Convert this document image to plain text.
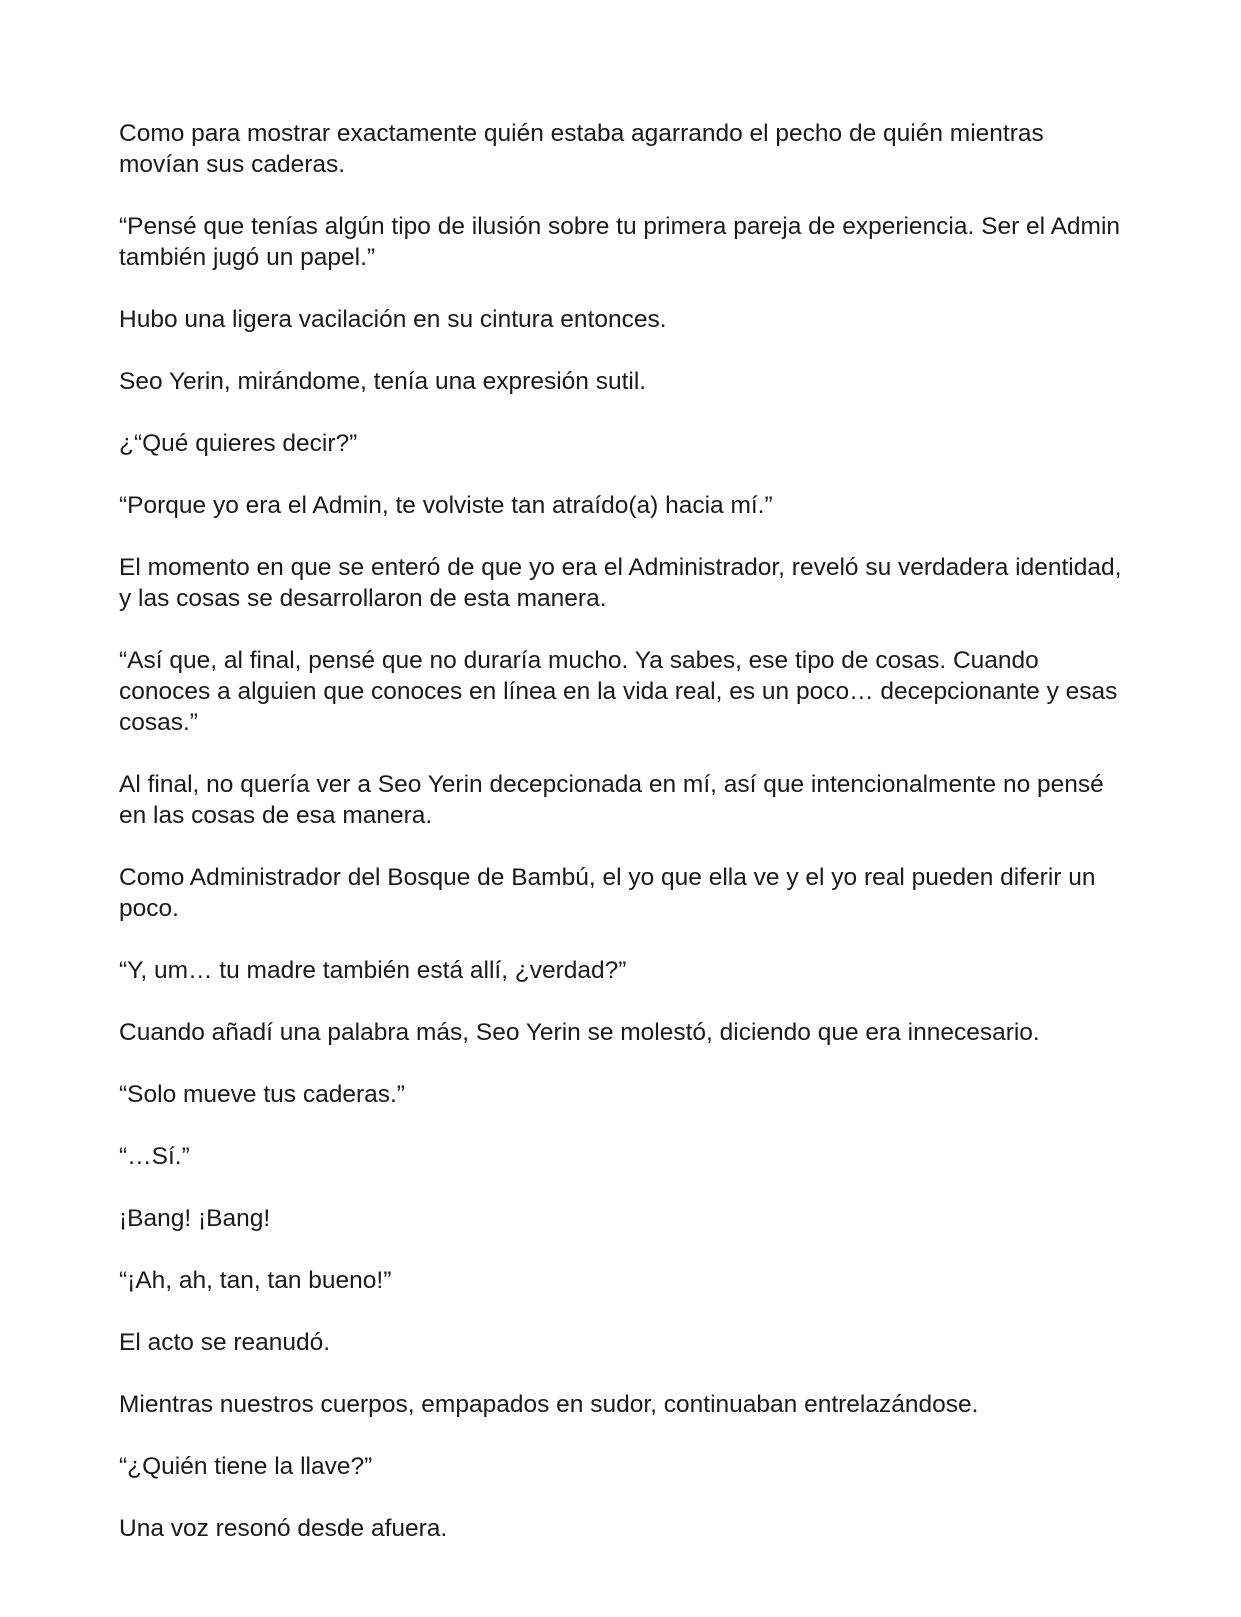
Como para mostrar exactamente quién estaba agarrando el pecho de quién mientras movían sus caderas.

“Pensé que tenías algún tipo de ilusión sobre tu primera pareja de experiencia. Ser el Admin también jugó un papel.”

Hubo una ligera vacilación en su cintura entonces.

Seo Yerin, mirándome, tenía una expresión sutil.

¿“Qué quieres decir?”

“Porque yo era el Admin, te volviste tan atraído(a) hacia mí.”

El momento en que se enteró de que yo era el Administrador, reveló su verdadera identidad, y las cosas se desarrollaron de esta manera.

“Así que, al final, pensé que no duraría mucho. Ya sabes, ese tipo de cosas. Cuando conoces a alguien que conoces en línea en la vida real, es un poco… decepcionante y esas cosas.”

Al final, no quería ver a Seo Yerin decepcionada en mí, así que intencionalmente no pensé en las cosas de esa manera.

Como Administrador del Bosque de Bambú, el yo que ella ve y el yo real pueden diferir un poco.

“Y, um… tu madre también está allí, ¿verdad?”

Cuando añadí una palabra más, Seo Yerin se molestó, diciendo que era innecesario.

“Solo mueve tus caderas.”

“…Sí.”

¡Bang! ¡Bang!

“¡Ah, ah, tan, tan bueno!”

El acto se reanudó.

Mientras nuestros cuerpos, empapados en sudor, continuaban entrelazándose.

“¿Quién tiene la llave?”

Una voz resonó desde afuera.
